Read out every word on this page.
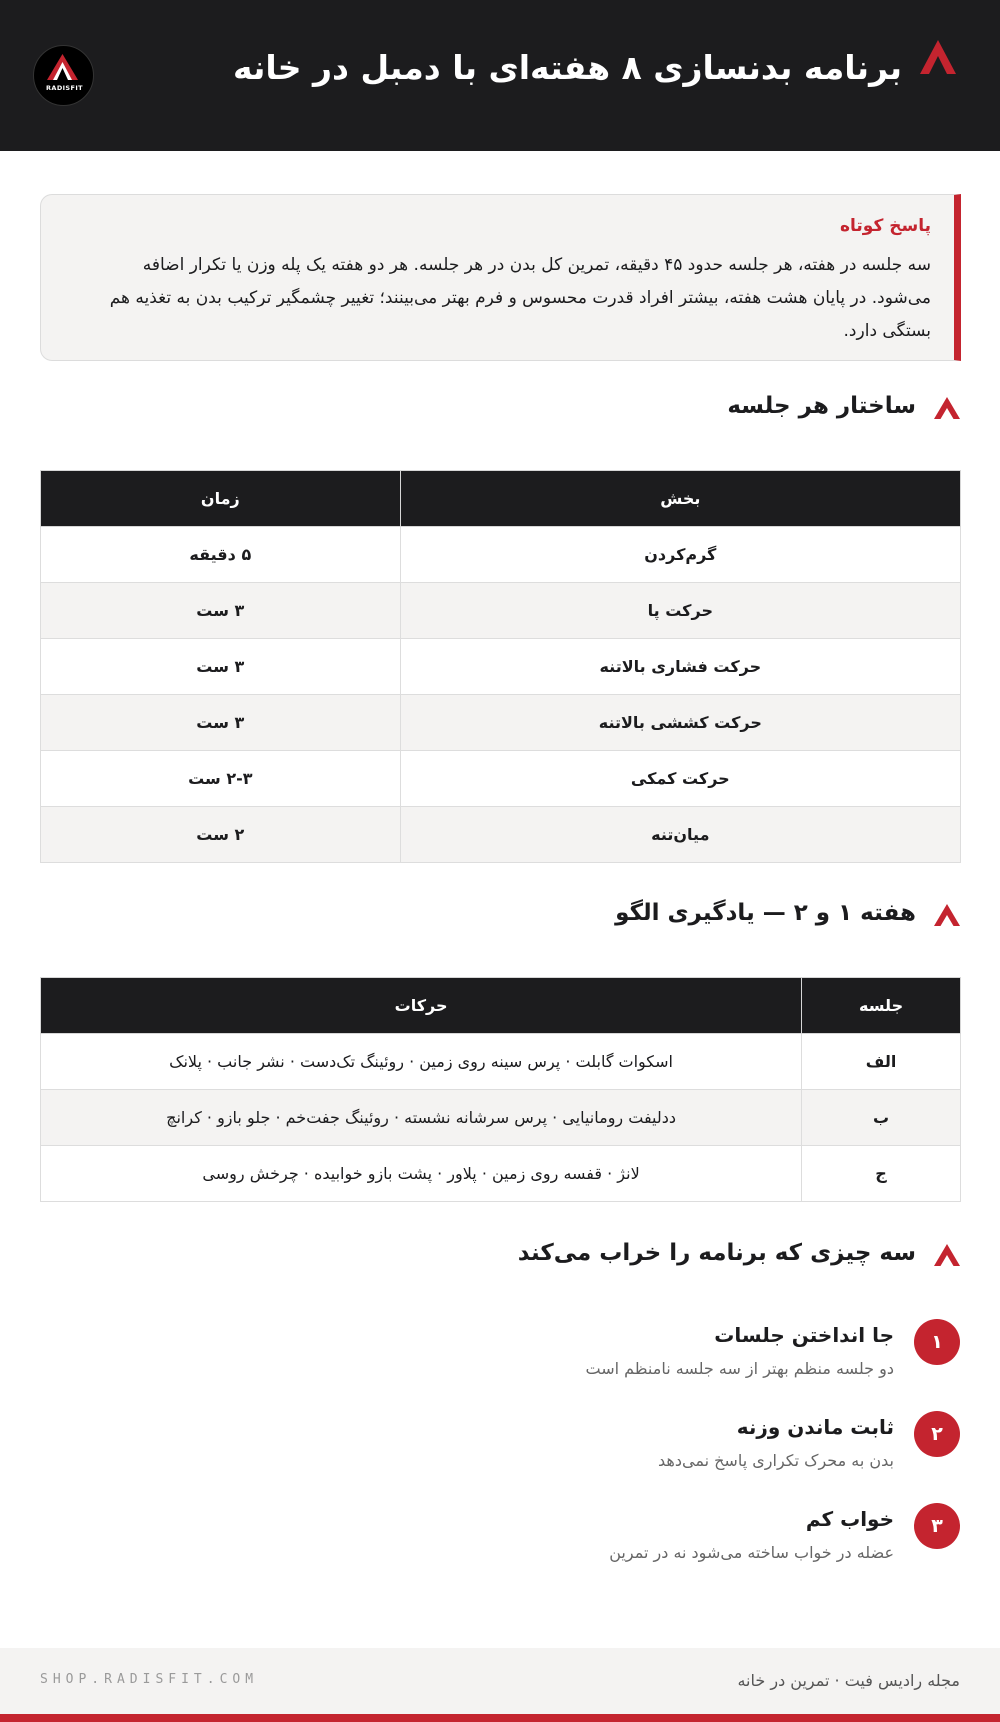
برنامه بدنسازی ۸ هفته‌ای با دمبل در خانه
RADISFIT
پاسخ کوتاه
سه جلسه در هفته، هر جلسه حدود ۴۵ دقیقه، تمرین کل بدن در هر جلسه. هر دو هفته یک پله وزن یا تکرار اضافه می‌شود. در پایان هشت هفته، بیشتر افراد قدرت محسوس و فرم بهتر می‌بینند؛ تغییر چشمگیر ترکیب بدن به تغذیه هم بستگی دارد.
ساختار هر جلسه
بخش	زمان
گرم‌کردن	۵ دقیقه
حرکت پا	۳ ست
حرکت فشاری بالاتنه	۳ ست
حرکت کششی بالاتنه	۳ ست
حرکت کمکی	۲-۳ ست
میان‌تنه	۲ ست
هفته ۱ و ۲ — یادگیری الگو
جلسه	حرکات
الف	اسکوات گابلت · پرس سینه روی زمین · روئینگ تک‌دست · نشر جانب · پلانک
ب	ددلیفت رومانیایی · پرس سرشانه نشسته · روئینگ جفت‌خم · جلو بازو · کرانچ
ج	لانژ · قفسه روی زمین · پلاور · پشت بازو خوابیده · چرخش روسی
سه چیزی که برنامه را خراب می‌کند
۱
جا انداختن جلسات
دو جلسه منظم بهتر از سه جلسه نامنظم است
۲
ثابت ماندن وزنه
بدن به محرک تکراری پاسخ نمی‌دهد
۳
خواب کم
عضله در خواب ساخته می‌شود نه در تمرین
مجله رادیس فیت · تمرین در خانه
SHOP.RADISFIT.COM
